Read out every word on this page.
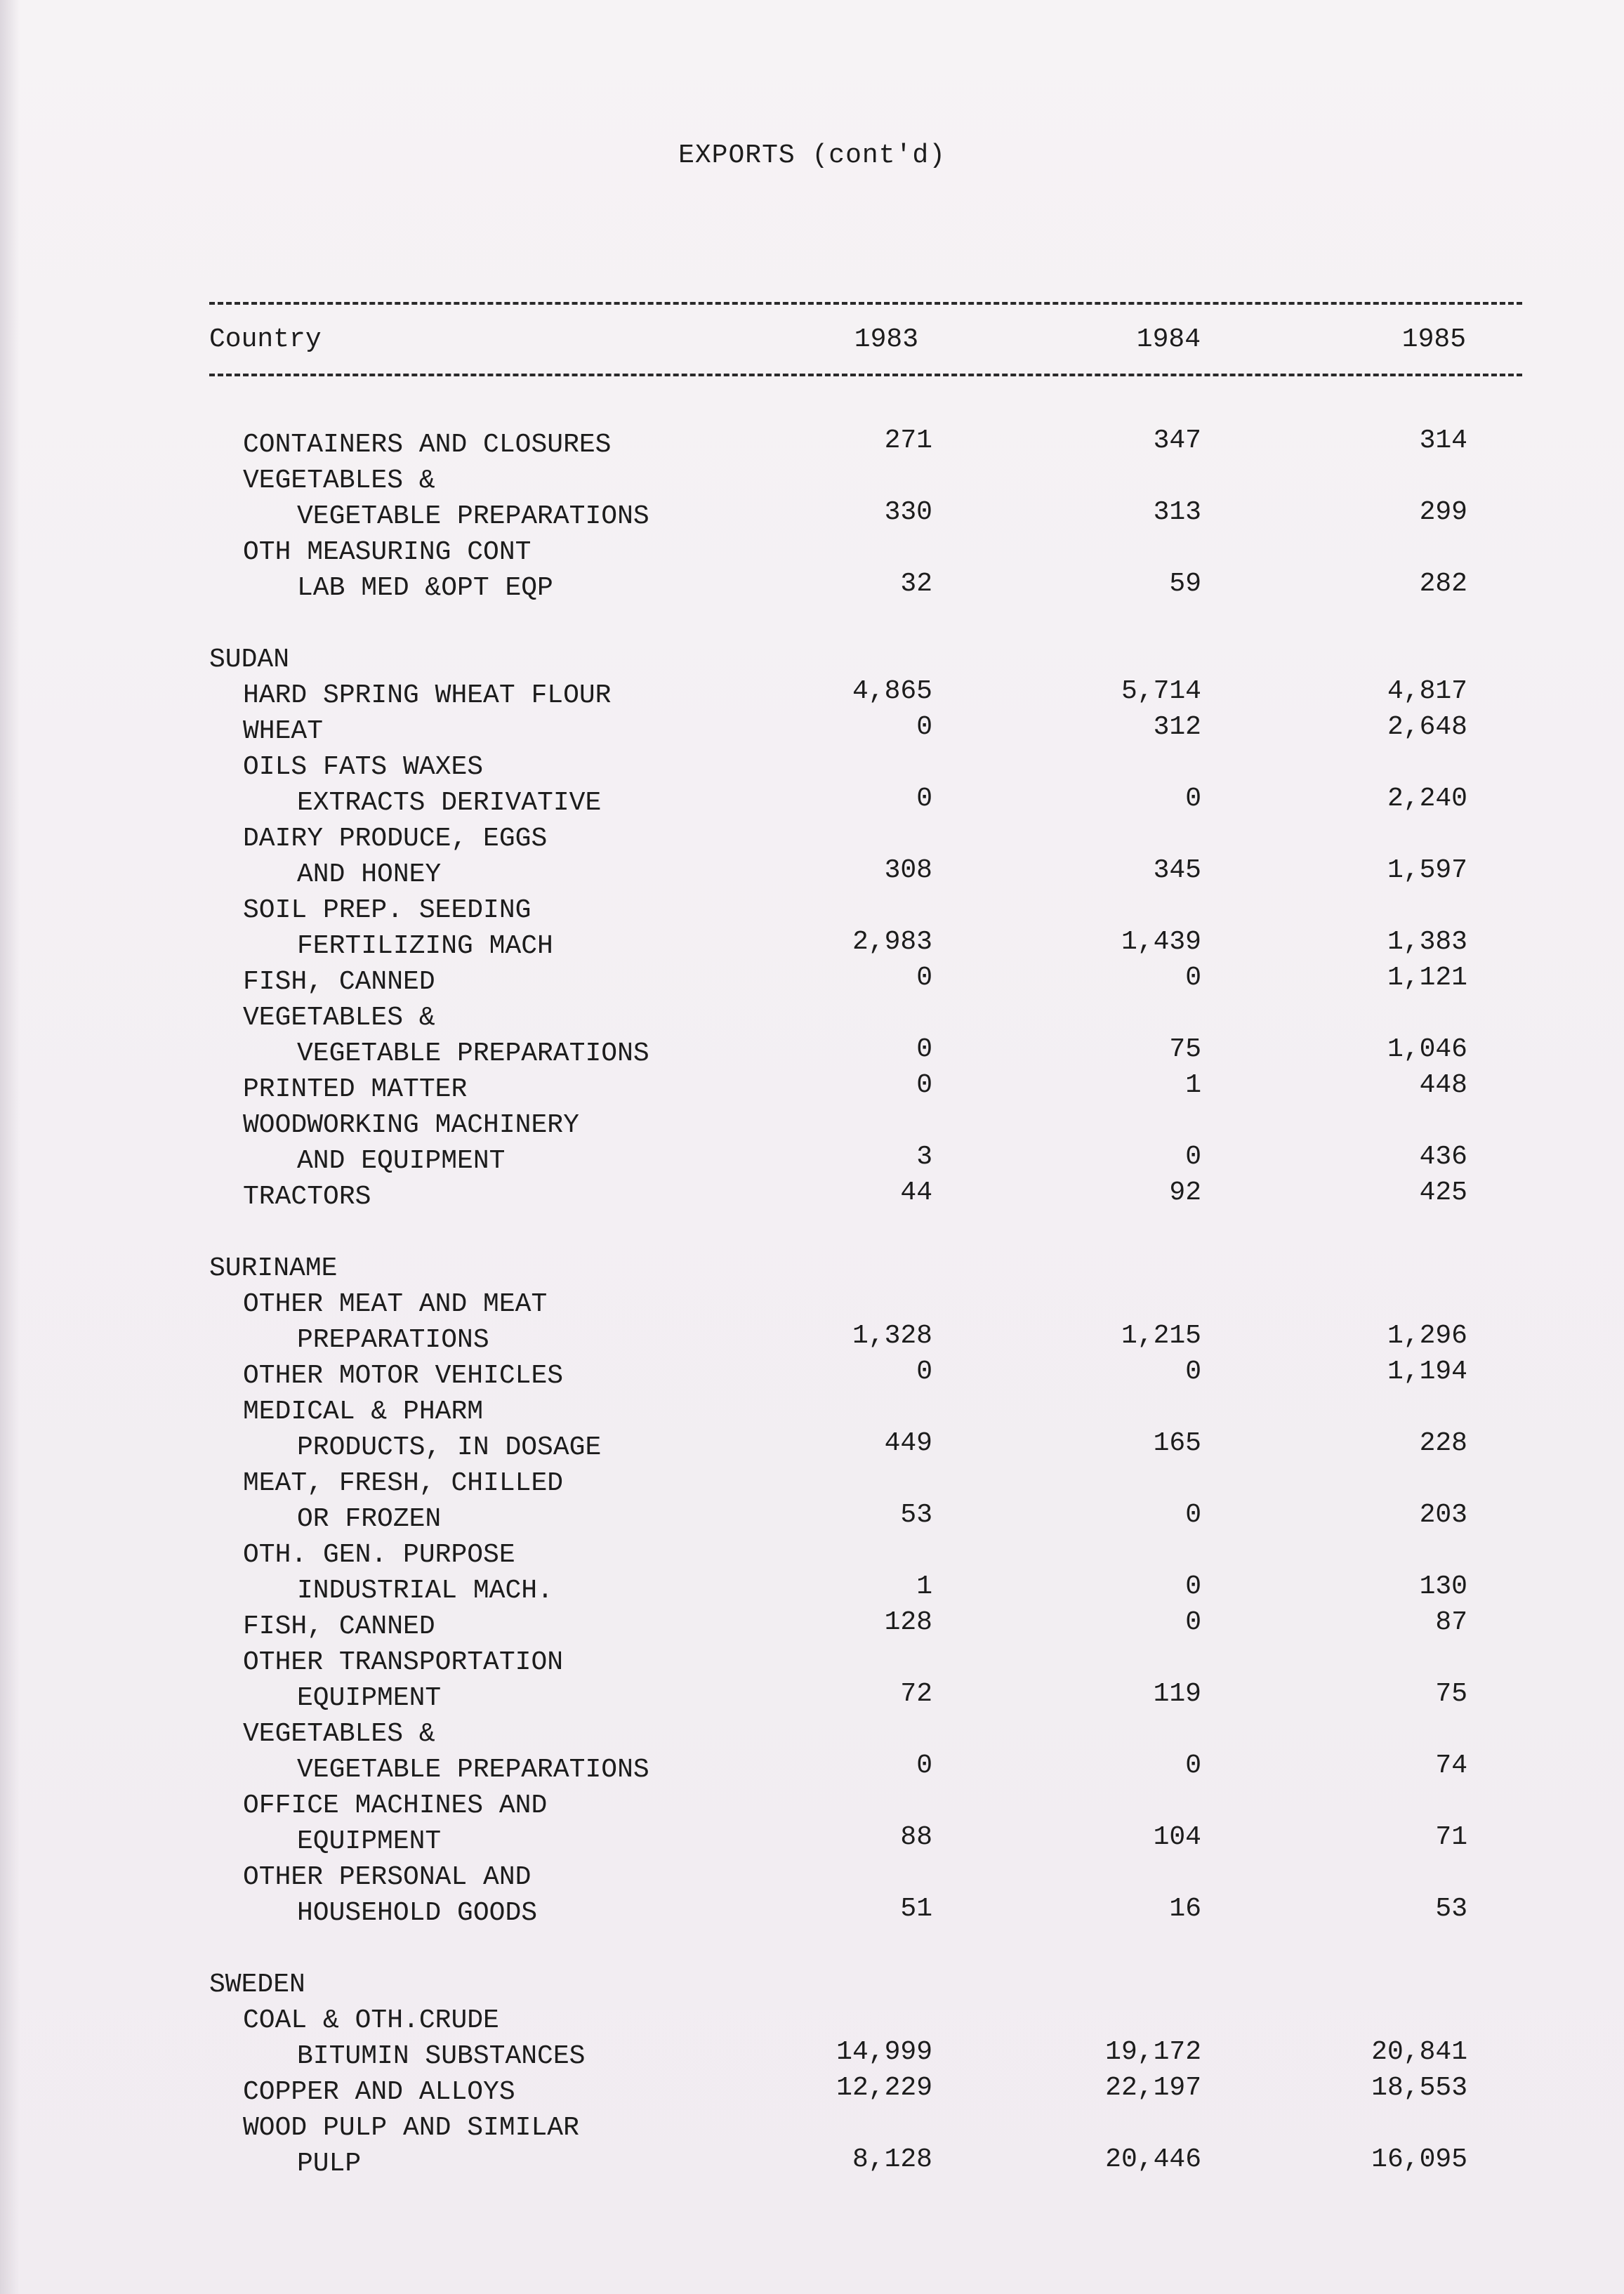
EXPORTS (cont'd)
Country	1983	1984	1985
CONTAINERS AND CLOSURES	271	347	314
VEGETABLES &
VEGETABLE PREPARATIONS	330	313	299
OTH MEASURING CONT
LAB MED &OPT EQP	32	59	282
SUDAN
HARD SPRING WHEAT FLOUR	4,865	5,714	4,817
WHEAT	0	312	2,648
OILS FATS WAXES
EXTRACTS DERIVATIVE	0	0	2,240
DAIRY PRODUCE, EGGS
AND HONEY	308	345	1,597
SOIL PREP. SEEDING
FERTILIZING MACH	2,983	1,439	1,383
FISH, CANNED	0	0	1,121
VEGETABLES &
VEGETABLE PREPARATIONS	0	75	1,046
PRINTED MATTER	0	1	448
WOODWORKING MACHINERY
AND EQUIPMENT	3	0	436
TRACTORS	44	92	425
SURINAME
OTHER MEAT AND MEAT
PREPARATIONS	1,328	1,215	1,296
OTHER MOTOR VEHICLES	0	0	1,194
MEDICAL & PHARM
PRODUCTS, IN DOSAGE	449	165	228
MEAT, FRESH, CHILLED
OR FROZEN	53	0	203
OTH. GEN. PURPOSE
INDUSTRIAL MACH.	1	0	130
FISH, CANNED	128	0	87
OTHER TRANSPORTATION
EQUIPMENT	72	119	75
VEGETABLES &
VEGETABLE PREPARATIONS	0	0	74
OFFICE MACHINES AND
EQUIPMENT	88	104	71
OTHER PERSONAL AND
HOUSEHOLD GOODS	51	16	53
SWEDEN
COAL & OTH.CRUDE
BITUMIN SUBSTANCES	14,999	19,172	20,841
COPPER AND ALLOYS	12,229	22,197	18,553
WOOD PULP AND SIMILAR
PULP	8,128	20,446	16,095
